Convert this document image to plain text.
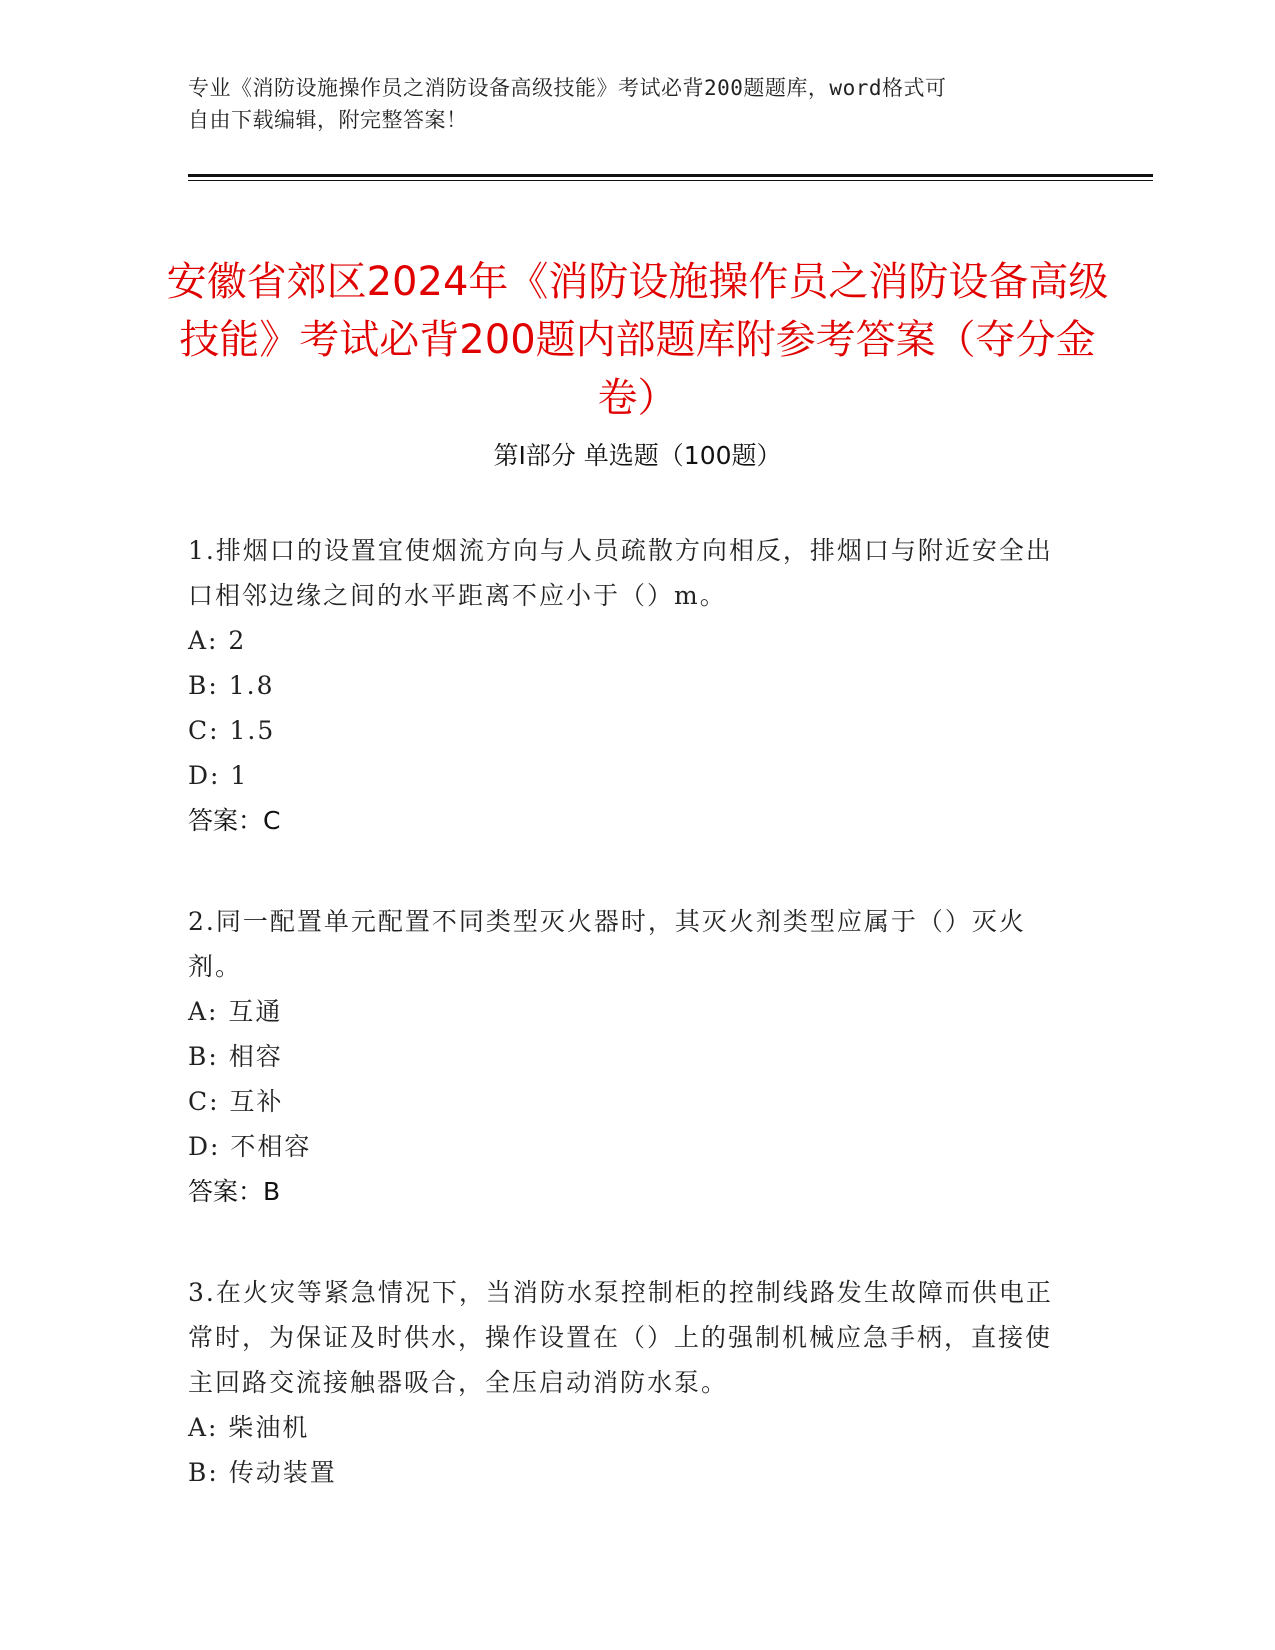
专业《消防设施操作员之消防设备高级技能》考试必背200题题库，word格式可
自由下载编辑，附完整答案！
安徽省郊区2024年《消防设施操作员之消防设备高级技能》考试必背200题内部题库附参考答案（夺分金卷）
第Ⅰ部分 单选题（100题）
1.排烟口的设置宜使烟流方向与人员疏散方向相反，排烟口与附近安全出口相邻边缘之间的水平距离不应小于（）m。
A: 2
B: 1.8
C: 1.5
D: 1
答案：C
2.同一配置单元配置不同类型灭火器时，其灭火剂类型应属于（）灭火剂。
A: 互通
B: 相容
C: 互补
D: 不相容
答案：B
3.在火灾等紧急情况下，当消防水泵控制柜的控制线路发生故障而供电正常时，为保证及时供水，操作设置在（）上的强制机械应急手柄，直接使主回路交流接触器吸合，全压启动消防水泵。
A: 柴油机
B: 传动装置
